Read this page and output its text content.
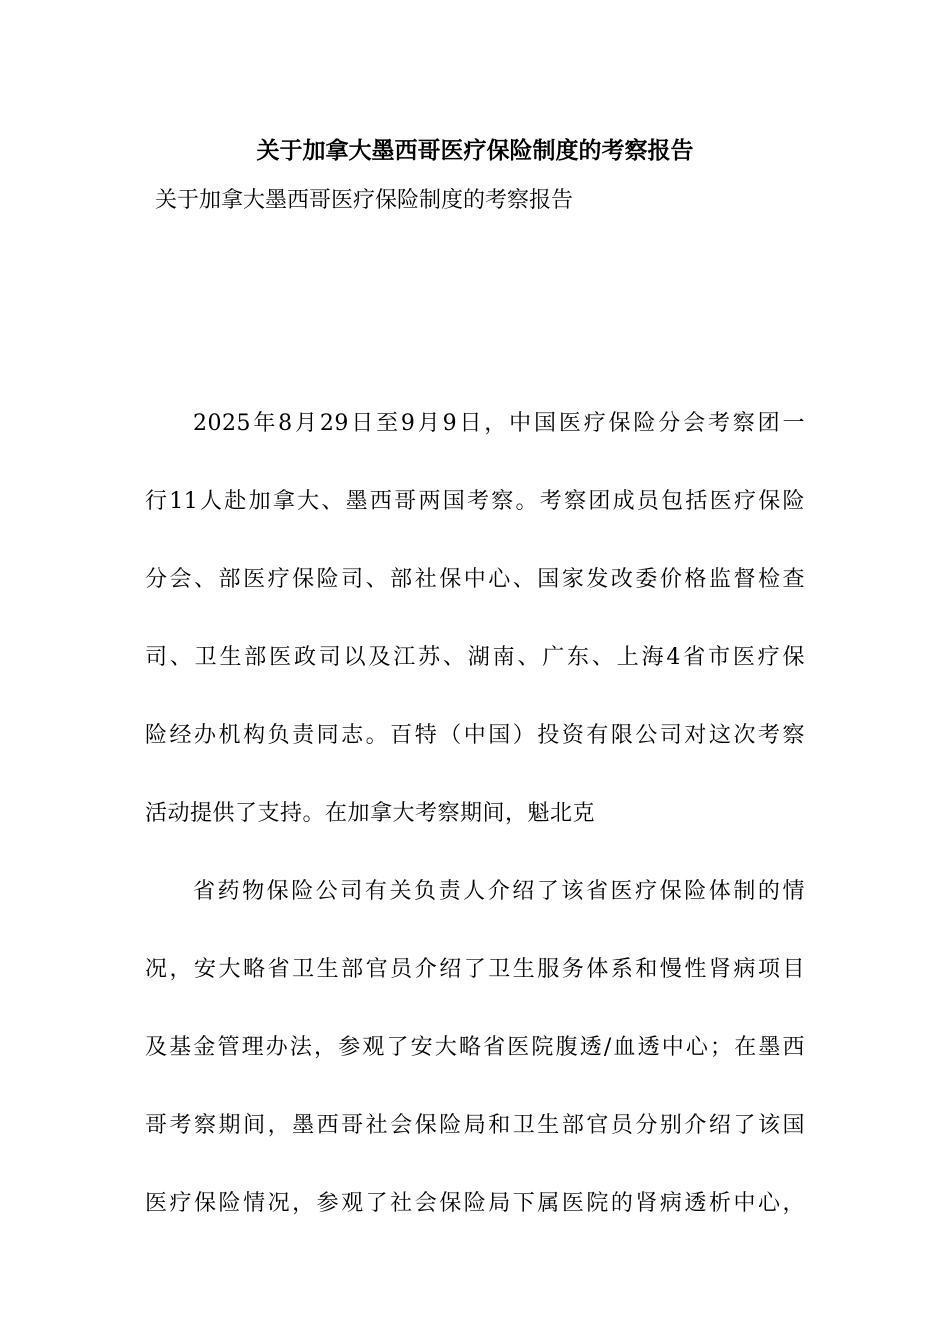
关于加拿大墨西哥医疗保险制度的考察报告
关于加拿大墨西哥医疗保险制度的考察报告
2025年8月29日至9月9日，中国医疗保险分会考察团一
行11人赴加拿大、墨西哥两国考察。考察团成员包括医疗保险
分会、部医疗保险司、部社保中心、国家发改委价格监督检查
司、卫生部医政司以及江苏、湖南、广东、上海4省市医疗保
险经办机构负责同志。百特（中国）投资有限公司对这次考察
活动提供了支持。在加拿大考察期间，魁北克
省药物保险公司有关负责人介绍了该省医疗保险体制的情
况，安大略省卫生部官员介绍了卫生服务体系和慢性肾病项目
及基金管理办法，参观了安大略省医院腹透/血透中心；在墨西
哥考察期间，墨西哥社会保险局和卫生部官员分别介绍了该国
医疗保险情况，参观了社会保险局下属医院的肾病透析中心，
